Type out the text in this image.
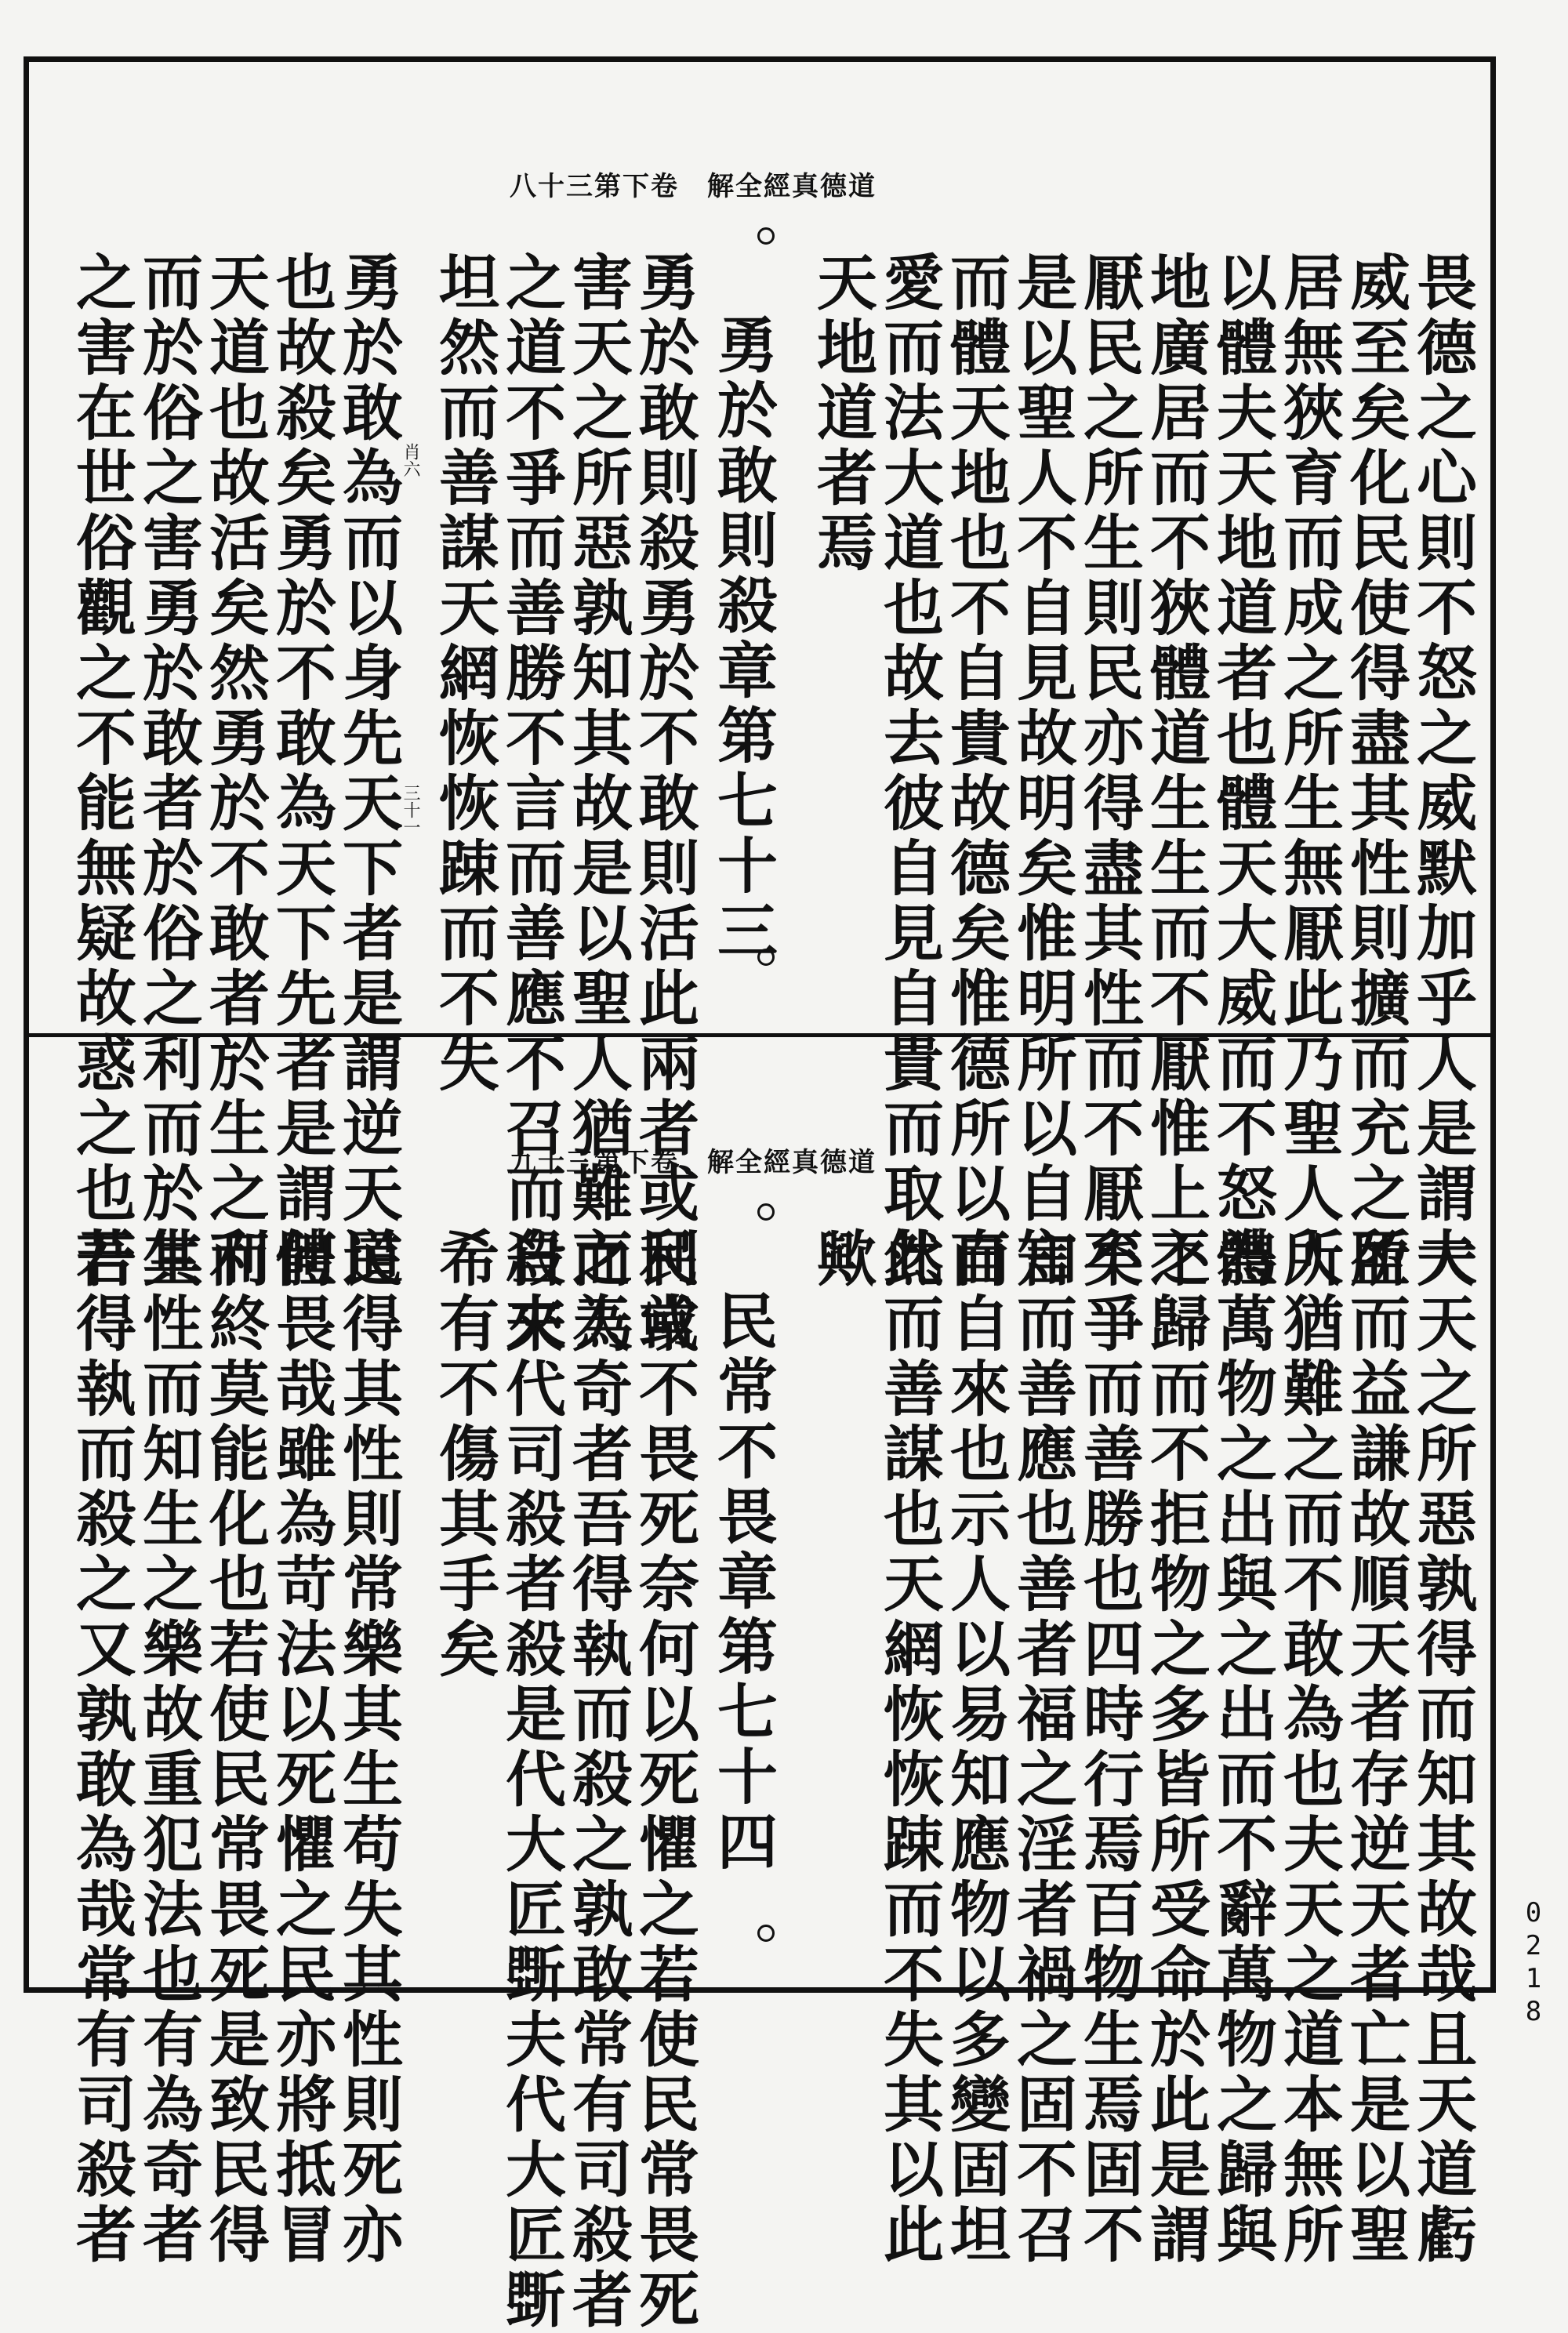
八十三第下卷　解全經真德道
畏德之心則不怒之威默加乎人是謂大
威至矣化民使得盡其性則擴而充之所
居無狹育而成之所生無厭此乃聖人所
以體夫天地道者也體天大威而不怒體
地廣居而不狹體道生生而不厭惟上不
厭民之所生則民亦得盡其性而不厭矣
是以聖人不自見故明矣惟明所以自知
而體天地也不自貴故德矣惟德所以自
愛而法大道也故去彼自見自貴而取此
天地道者焉
勇於敢則殺章第七十三
勇於敢則殺勇於不敢則活此兩者或利或
害天之所惡孰知其故是以聖人猶難之天
之道不爭而善勝不言而善應不召而自來
坦然而善謀天網恢恢踈而不失
勇於敢為而以身先天下者是謂逆天道
也故殺矣勇於不敢為天下先者是謂體
天道也故活矣然勇於不敢者於生之利
而於俗之害勇於敢者於俗之利而於生
之害在世俗觀之不能無疑故惑之也若	肖六
三十一
九十三第下卷　解全經真德道
夫天之所惡孰得而知其故哉且天道虧
盈而益謙故順天者存逆天者亡是以聖
人猶難之而不敢為也夫天之道本無所
為萬物之出與之出而不辭萬物之歸與
之歸而不拒物之多皆所受命於此是謂
不爭而善勝也四時行焉百物生焉固不
言而善應也善者福之淫者禍之固不召
而自來也示人以易知應物以多變固坦
然而善謀也天網恢恢踈而不失其以此
歟
民常不畏章第七十四
民常不畏死奈何以死懼之若使民常畏死
而為奇者吾得執而殺之孰敢常有司殺者
殺夫代司殺者殺是代大匠斲夫代大匠斲
希有不傷其手矣
民得其性則常樂其生苟失其性則死亦
何畏哉雖為苛法以死懼之民亦將抵冒
而終莫能化也若使民常畏死是致民得
其性而知生之樂故重犯法也有為奇者
吾得執而殺之又孰敢為哉常有司殺者	0218
